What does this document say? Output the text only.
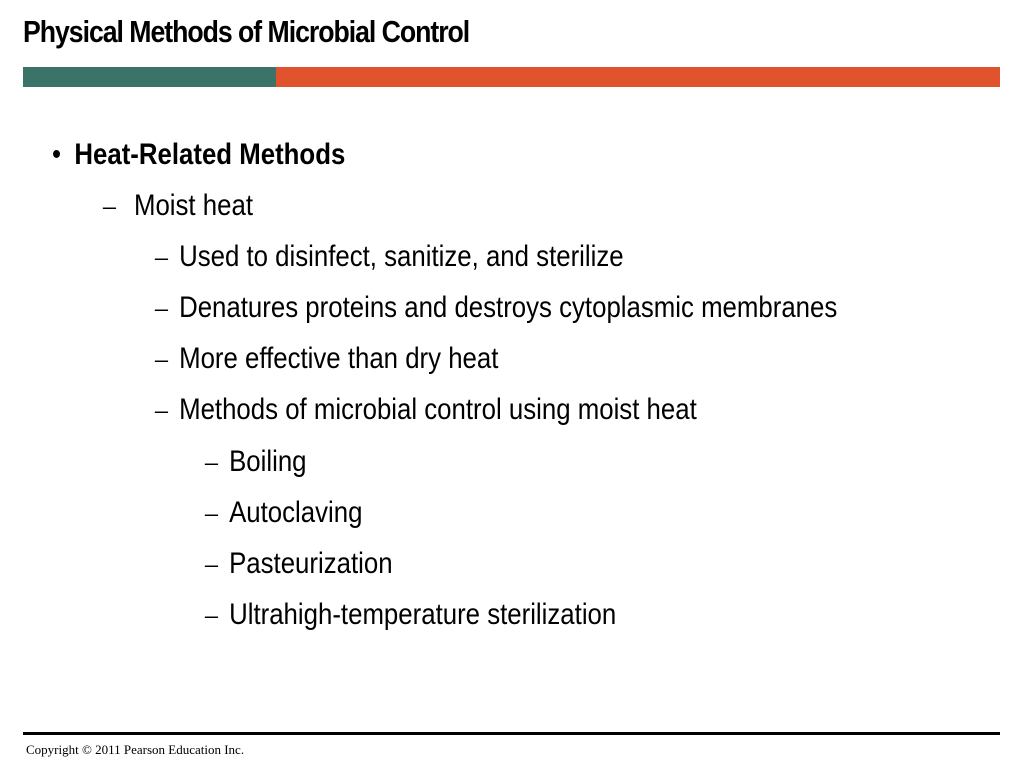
Physical Methods of Microbial Control
• Heat-Related Methods
– Moist heat
– Used to disinfect, sanitize, and sterilize
– Denatures proteins and destroys cytoplasmic membranes
– More effective than dry heat
– Methods of microbial control using moist heat
– Boiling
– Autoclaving
– Pasteurization
– Ultrahigh-temperature sterilization
Copyright © 2011 Pearson Education Inc.
